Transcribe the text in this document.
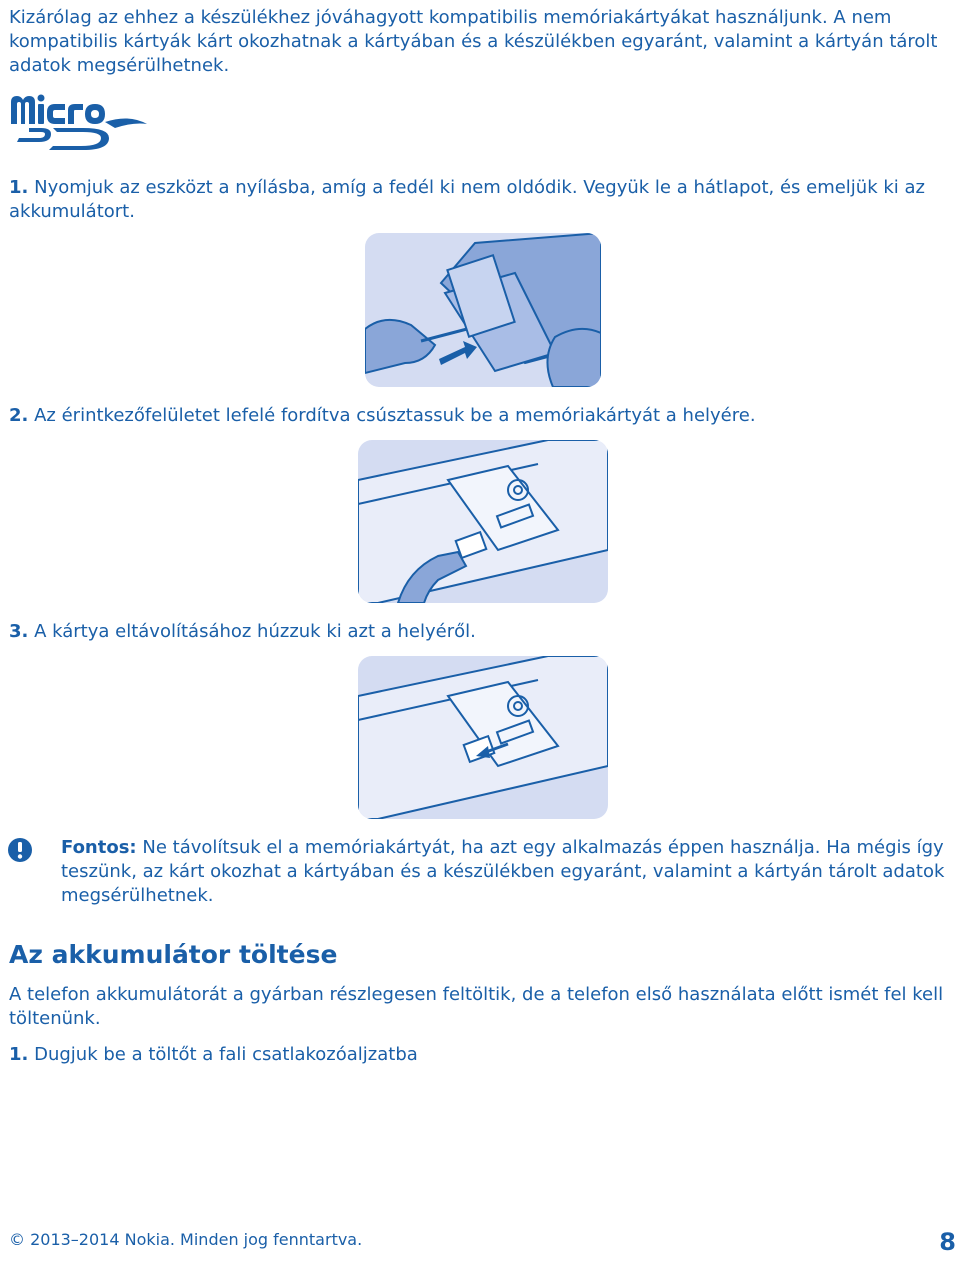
Kizárólag az ehhez a készülékhez jóváhagyott kompatibilis memóriakártyákat használjunk. A nem kompatibilis kártyák kárt okozhatnak a kártyában és a készülékben egyaránt, valamint a kártyán tárolt adatok megsérülhetnek.
1. Nyomjuk az eszközt a nyílásba, amíg a fedél ki nem oldódik. Vegyük le a hátlapot, és emeljük ki az akkumulátort.
2. Az érintkezőfelületet lefelé fordítva csúsztassuk be a memóriakártyát a helyére.
3. A kártya eltávolításához húzzuk ki azt a helyéről.
Fontos: Ne távolítsuk el a memóriakártyát, ha azt egy alkalmazás éppen használja. Ha mégis így teszünk, az kárt okozhat a kártyában és a készülékben egyaránt, valamint a kártyán tárolt adatok megsérülhetnek.
Az akkumulátor töltése
A telefon akkumulátorát a gyárban részlegesen feltöltik, de a telefon első használata előtt ismét fel kell töltenünk.
1. Dugjuk be a töltőt a fali csatlakozóaljzatba
© 2013–2014 Nokia. Minden jog fenntartva.	8
